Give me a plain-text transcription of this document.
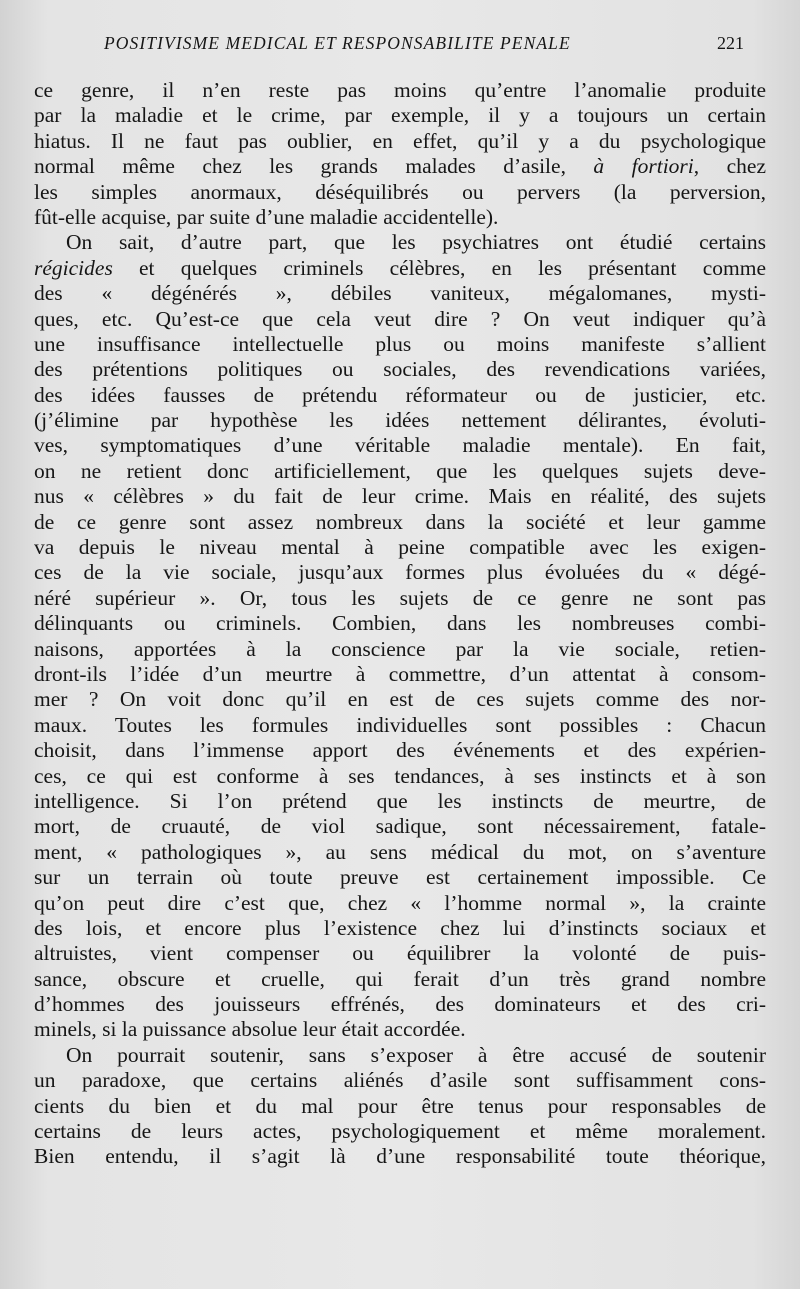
POSITIVISME MEDICAL ET RESPONSABILITE PENALE	221
ce genre, il n’en reste pas moins qu’entre l’anomalie produite
par la maladie et le crime, par exemple, il y a toujours un certain
hiatus. Il ne faut pas oublier, en effet, qu’il y a du psychologique
normal même chez les grands malades d’asile, à fortiori, chez
les simples anormaux, déséquilibrés ou pervers (la perversion,
fût-elle acquise, par suite d’une maladie accidentelle).
On sait, d’autre part, que les psychiatres ont étudié certains
régicides et quelques criminels célèbres, en les présentant comme
des « dégénérés », débiles vaniteux, mégalomanes, mysti-
ques, etc. Qu’est-ce que cela veut dire ? On veut indiquer qu’à
une insuffisance intellectuelle plus ou moins manifeste s’allient
des prétentions politiques ou sociales, des revendications variées,
des idées fausses de prétendu réformateur ou de justicier, etc.
(j’élimine par hypothèse les idées nettement délirantes, évoluti-
ves, symptomatiques d’une véritable maladie mentale). En fait,
on ne retient donc artificiellement, que les quelques sujets deve-
nus « célèbres » du fait de leur crime. Mais en réalité, des sujets
de ce genre sont assez nombreux dans la société et leur gamme
va depuis le niveau mental à peine compatible avec les exigen-
ces de la vie sociale, jusqu’aux formes plus évoluées du « dégé-
néré supérieur ». Or, tous les sujets de ce genre ne sont pas
délinquants ou criminels. Combien, dans les nombreuses combi-
naisons, apportées à la conscience par la vie sociale, retien-
dront-ils l’idée d’un meurtre à commettre, d’un attentat à consom-
mer ? On voit donc qu’il en est de ces sujets comme des nor-
maux. Toutes les formules individuelles sont possibles : Chacun
choisit, dans l’immense apport des événements et des expérien-
ces, ce qui est conforme à ses tendances, à ses instincts et à son
intelligence. Si l’on prétend que les instincts de meurtre, de
mort, de cruauté, de viol sadique, sont nécessairement, fatale-
ment, « pathologiques », au sens médical du mot, on s’aventure
sur un terrain où toute preuve est certainement impossible. Ce
qu’on peut dire c’est que, chez « l’homme normal », la crainte
des lois, et encore plus l’existence chez lui d’instincts sociaux et
altruistes, vient compenser ou équilibrer la volonté de puis-
sance, obscure et cruelle, qui ferait d’un très grand nombre
d’hommes des jouisseurs effrénés, des dominateurs et des cri-
minels, si la puissance absolue leur était accordée.
On pourrait soutenir, sans s’exposer à être accusé de soutenir
un paradoxe, que certains aliénés d’asile sont suffisamment cons-
cients du bien et du mal pour être tenus pour responsables de
certains de leurs actes, psychologiquement et même moralement.
Bien entendu, il s’agit là d’une responsabilité toute théorique,
